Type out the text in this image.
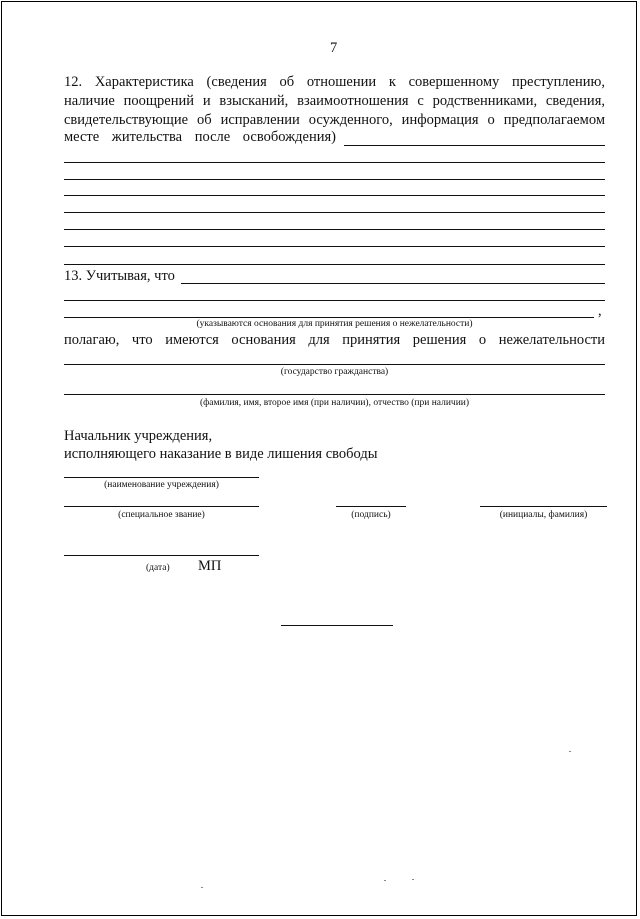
7
12. Характеристика (сведения об отношении к совершенному преступлению,
наличие поощрений и взысканий, взаимоотношения с родственниками, сведения,
свидетельствующие об исправлении осужденного, информация о предполагаемом
месте жительства после освобождения)
13. Учитывая, что
,
(указываются основания для принятия решения о нежелательности)
полагаю, что имеются основания для принятия решения о нежелательности
(государство гражданства)
(фамилия, имя, второе имя (при наличии), отчество (при наличии)
Начальник учреждения,
исполняющего наказание в виде лишения свободы
(наименование учреждения)
(специальное звание)	(подпись)	(инициалы, фамилия)
(дата) МП
